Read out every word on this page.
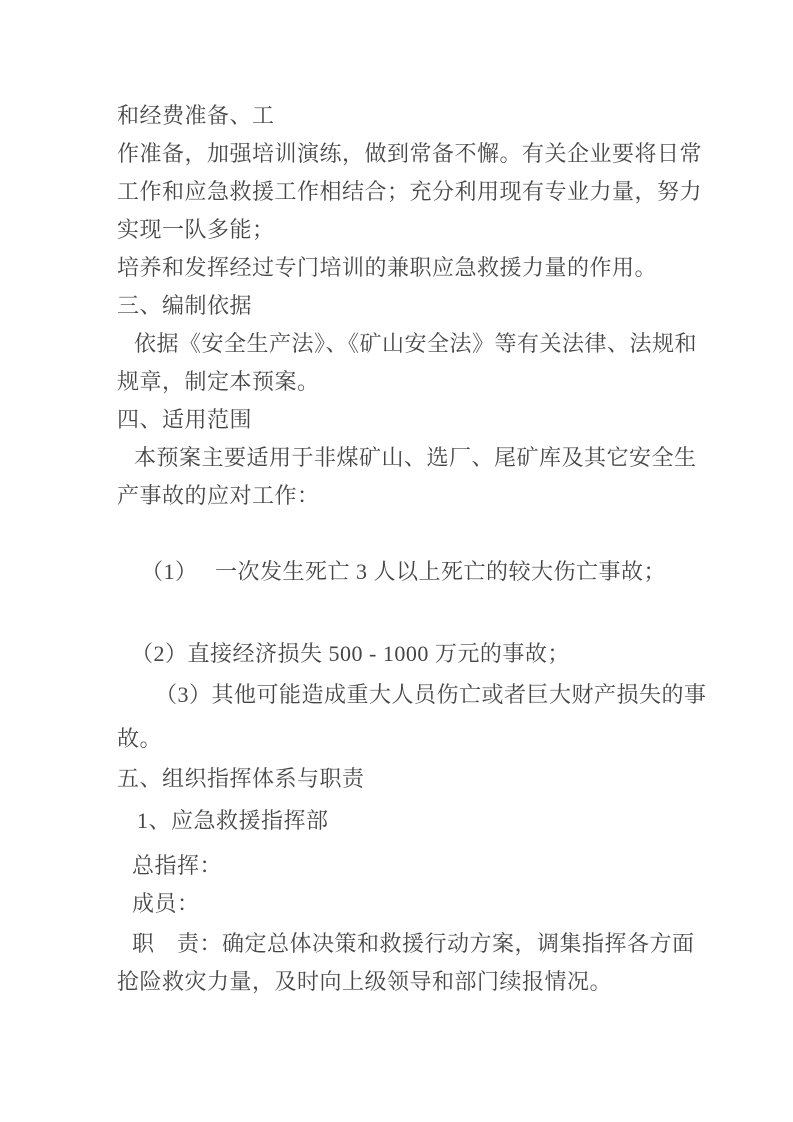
和经费准备、工
作准备，加强培训演练，做到常备不懈。有关企业要将日常
工作和应急救援工作相结合；充分利用现有专业力量，努力
实现一队多能；
培养和发挥经过专门培训的兼职应急救援力量的作用。
三、编制依据
依据《安全生产法》、《矿山安全法》等有关法律、法规和
规章，制定本预案。
四、适用范围
本预案主要适用于非煤矿山、选厂、尾矿库及其它安全生
产事故的应对工作：
（1）　 一次发生死亡 3 人以上死亡的较大伤亡事故；
（2）直接经济损失 500 - 1000 万元的事故；
（3）其他可能造成重大人员伤亡或者巨大财产损失的事
故。
五、组织指挥体系与职责
1、应急救援指挥部
总指挥：
成员：
职　责：确定总体决策和救援行动方案，调集指挥各方面
抢险救灾力量，及时向上级领导和部门续报情况。
